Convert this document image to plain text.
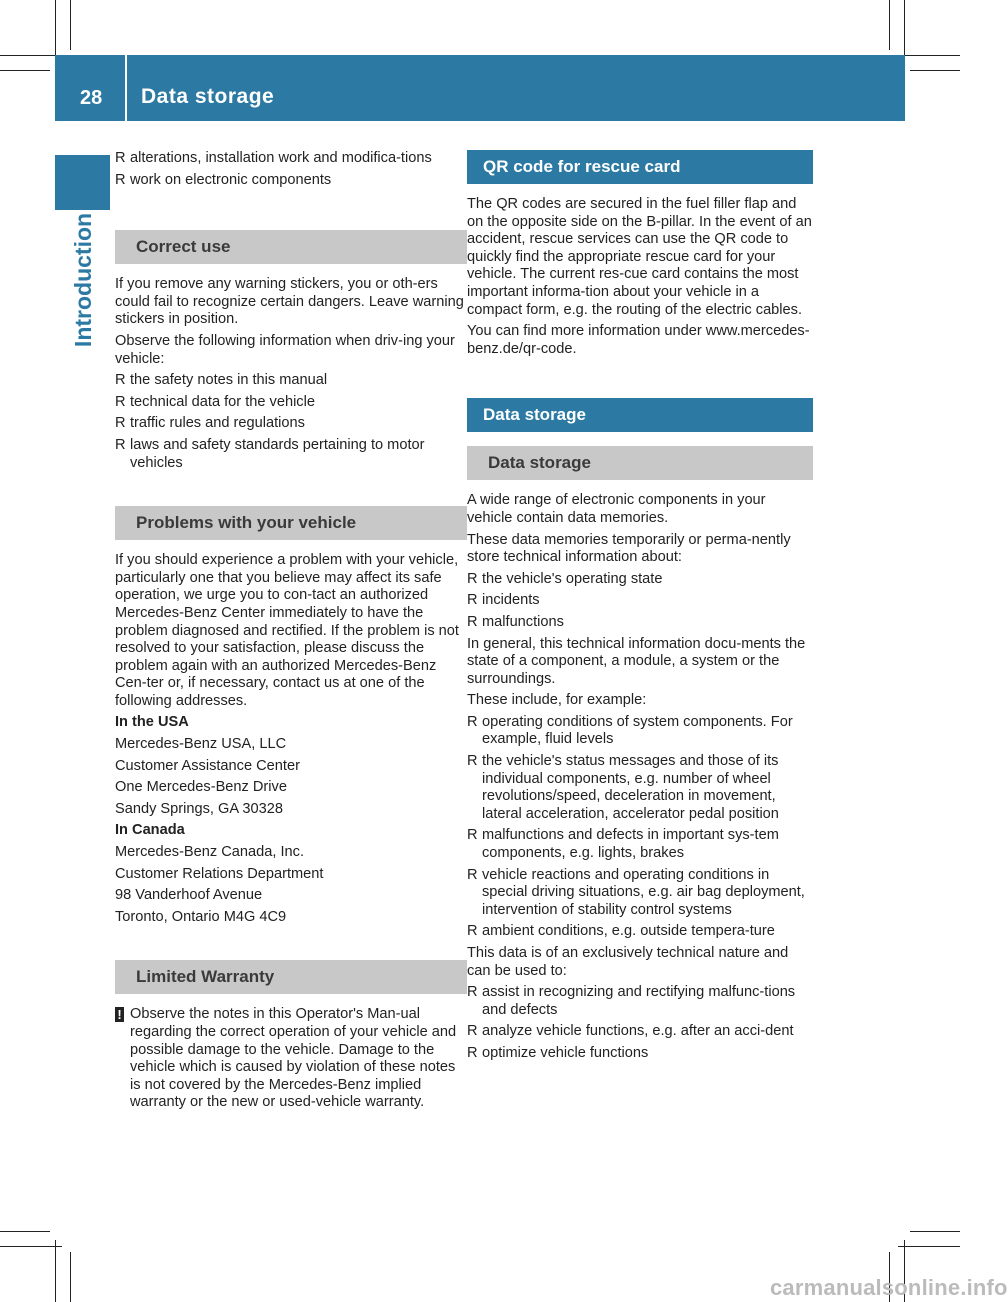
28 Data storage
Introduction
R alterations, installation work and modifica-tions
R work on electronic components
Correct use

If you remove any warning stickers, you or oth-ers could fail to recognize certain dangers. Leave warning stickers in position.

Observe the following information when driv-ing your vehicle:

R the safety notes in this manual
R technical data for the vehicle
R traffic rules and regulations
R laws and safety standards pertaining to motor vehicles
Problems with your vehicle

If you should experience a problem with your vehicle, particularly one that you believe may affect its safe operation, we urge you to con-tact an authorized Mercedes-Benz Center immediately to have the problem diagnosed and rectified. If the problem is not resolved to your satisfaction, please discuss the problem again with an authorized Mercedes-Benz Cen-ter or, if necessary, contact us at one of the following addresses.

In the USA

Mercedes-Benz USA, LLC

Customer Assistance Center

One Mercedes-Benz Drive

Sandy Springs, GA 30328

In Canada

Mercedes-Benz Canada, Inc.

Customer Relations Department

98 Vanderhoof Avenue

Toronto, Ontario M4G 4C9

Limited Warranty
!
Observe the notes in this Operator's Man-ual regarding the correct operation of your vehicle and possible damage to the vehicle. Damage to the vehicle which is caused by violation of these notes is not covered by the Mercedes-Benz implied warranty or the new or used-vehicle warranty.
QR code for rescue card

The QR codes are secured in the fuel filler flap and on the opposite side on the B-pillar. In the event of an accident, rescue services can use the QR code to quickly find the appropriate rescue card for your vehicle. The current res-cue card contains the most important informa-tion about your vehicle in a compact form, e.g. the routing of the electric cables.

You can find more information under www.mercedes-benz.de/qr-code.

Data storage
Data storage

A wide range of electronic components in your vehicle contain data memories.

These data memories temporarily or perma-nently store technical information about:

R the vehicle's operating state
R incidents
R malfunctions

In general, this technical information docu-ments the state of a component, a module, a system or the surroundings.

These include, for example:

R operating conditions of system components. For example, fluid levels
R the vehicle's status messages and those of its individual components, e.g. number of wheel revolutions/speed, deceleration in movement, lateral acceleration, accelerator pedal position
R malfunctions and defects in important sys-tem components, e.g. lights, brakes
R vehicle reactions and operating conditions in special driving situations, e.g. air bag deployment, intervention of stability control systems
R ambient conditions, e.g. outside tempera-ture

This data is of an exclusively technical nature and can be used to:

R assist in recognizing and rectifying malfunc-tions and defects
R analyze vehicle functions, e.g. after an acci-dent
R optimize vehicle functions
carmanualsonline.info
